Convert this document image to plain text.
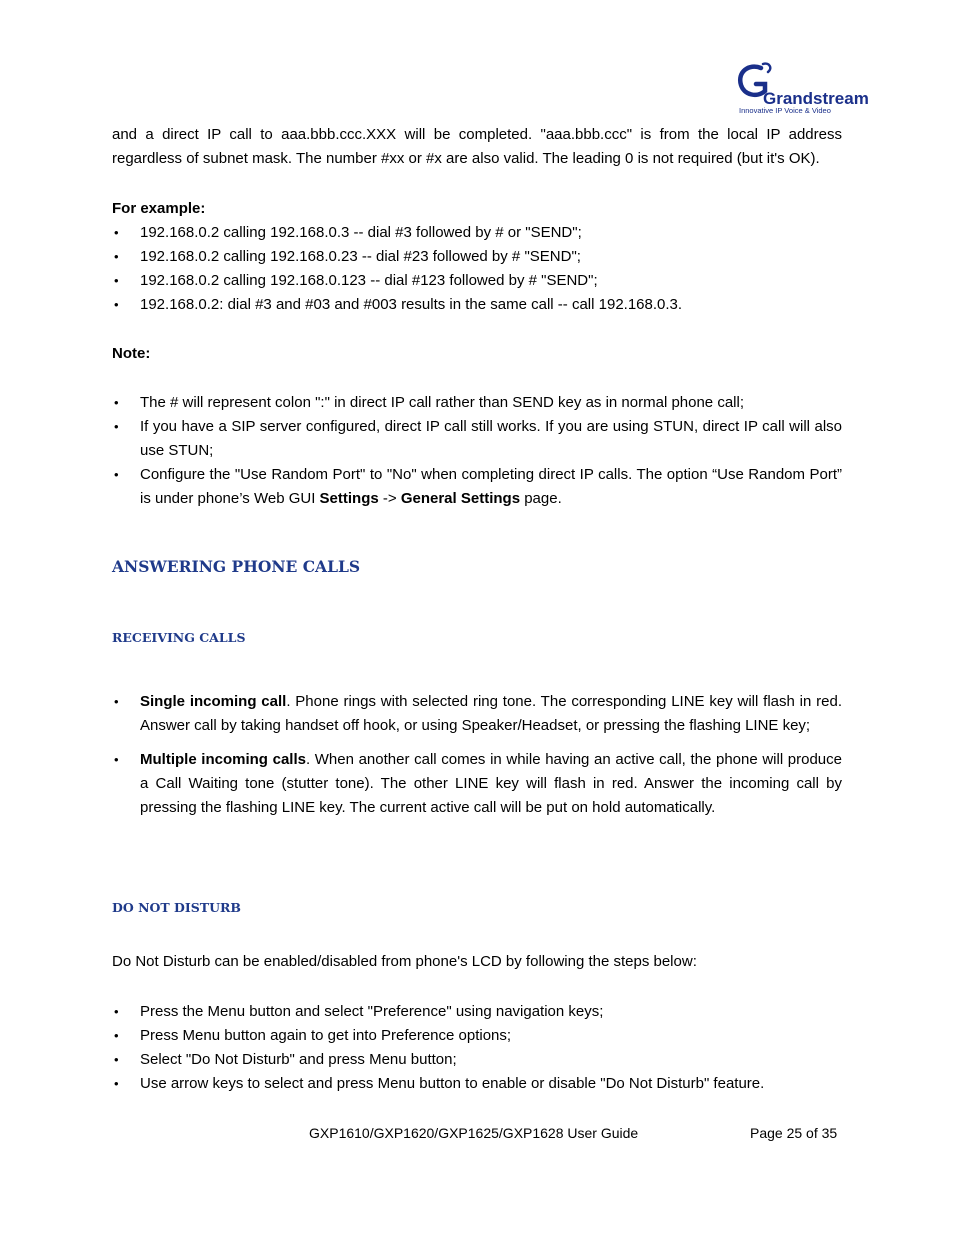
Grandstream
Innovative IP Voice & Video

and a direct IP call to aaa.bbb.ccc.XXX will be completed. "aaa.bbb.ccc" is from the local IP address regardless of subnet mask. The number #xx or #x are also valid. The leading 0 is not required (but it's OK).

For example:

• 192.168.0.2 calling 192.168.0.3 -- dial #3 followed by # or "SEND";
• 192.168.0.2 calling 192.168.0.23 -- dial #23 followed by # "SEND";
• 192.168.0.2 calling 192.168.0.123 -- dial #123 followed by # "SEND";
• 192.168.0.2: dial #3 and #03 and #003 results in the same call -- call 192.168.0.3.

Note:

• The # will represent colon ":" in direct IP call rather than SEND key as in normal phone call;
• If you have a SIP server configured, direct IP call still works. If you are using STUN, direct IP call will also use STUN;
• Configure the "Use Random Port" to "No" when completing direct IP calls. The option “Use Random Port” is under phone’s Web GUI Settings -> General Settings page.
ANSWERING PHONE CALLS
RECEIVING CALLS
• Single incoming call. Phone rings with selected ring tone. The corresponding LINE key will flash in red. Answer call by taking handset off hook, or using Speaker/Headset, or pressing the flashing LINE key;
• Multiple incoming calls. When another call comes in while having an active call, the phone will produce a Call Waiting tone (stutter tone). The other LINE key will flash in red. Answer the incoming call by pressing the flashing LINE key. The current active call will be put on hold automatically.
DO NOT DISTURB

Do Not Disturb can be enabled/disabled from phone's LCD by following the steps below:

• Press the Menu button and select "Preference" using navigation keys;
• Press Menu button again to get into Preference options;
• Select "Do Not Disturb" and press Menu button;
• Use arrow keys to select and press Menu button to enable or disable "Do Not Disturb" feature.
GXP1610/GXP1620/GXP1625/GXP1628 User Guide	Page 25 of 35
